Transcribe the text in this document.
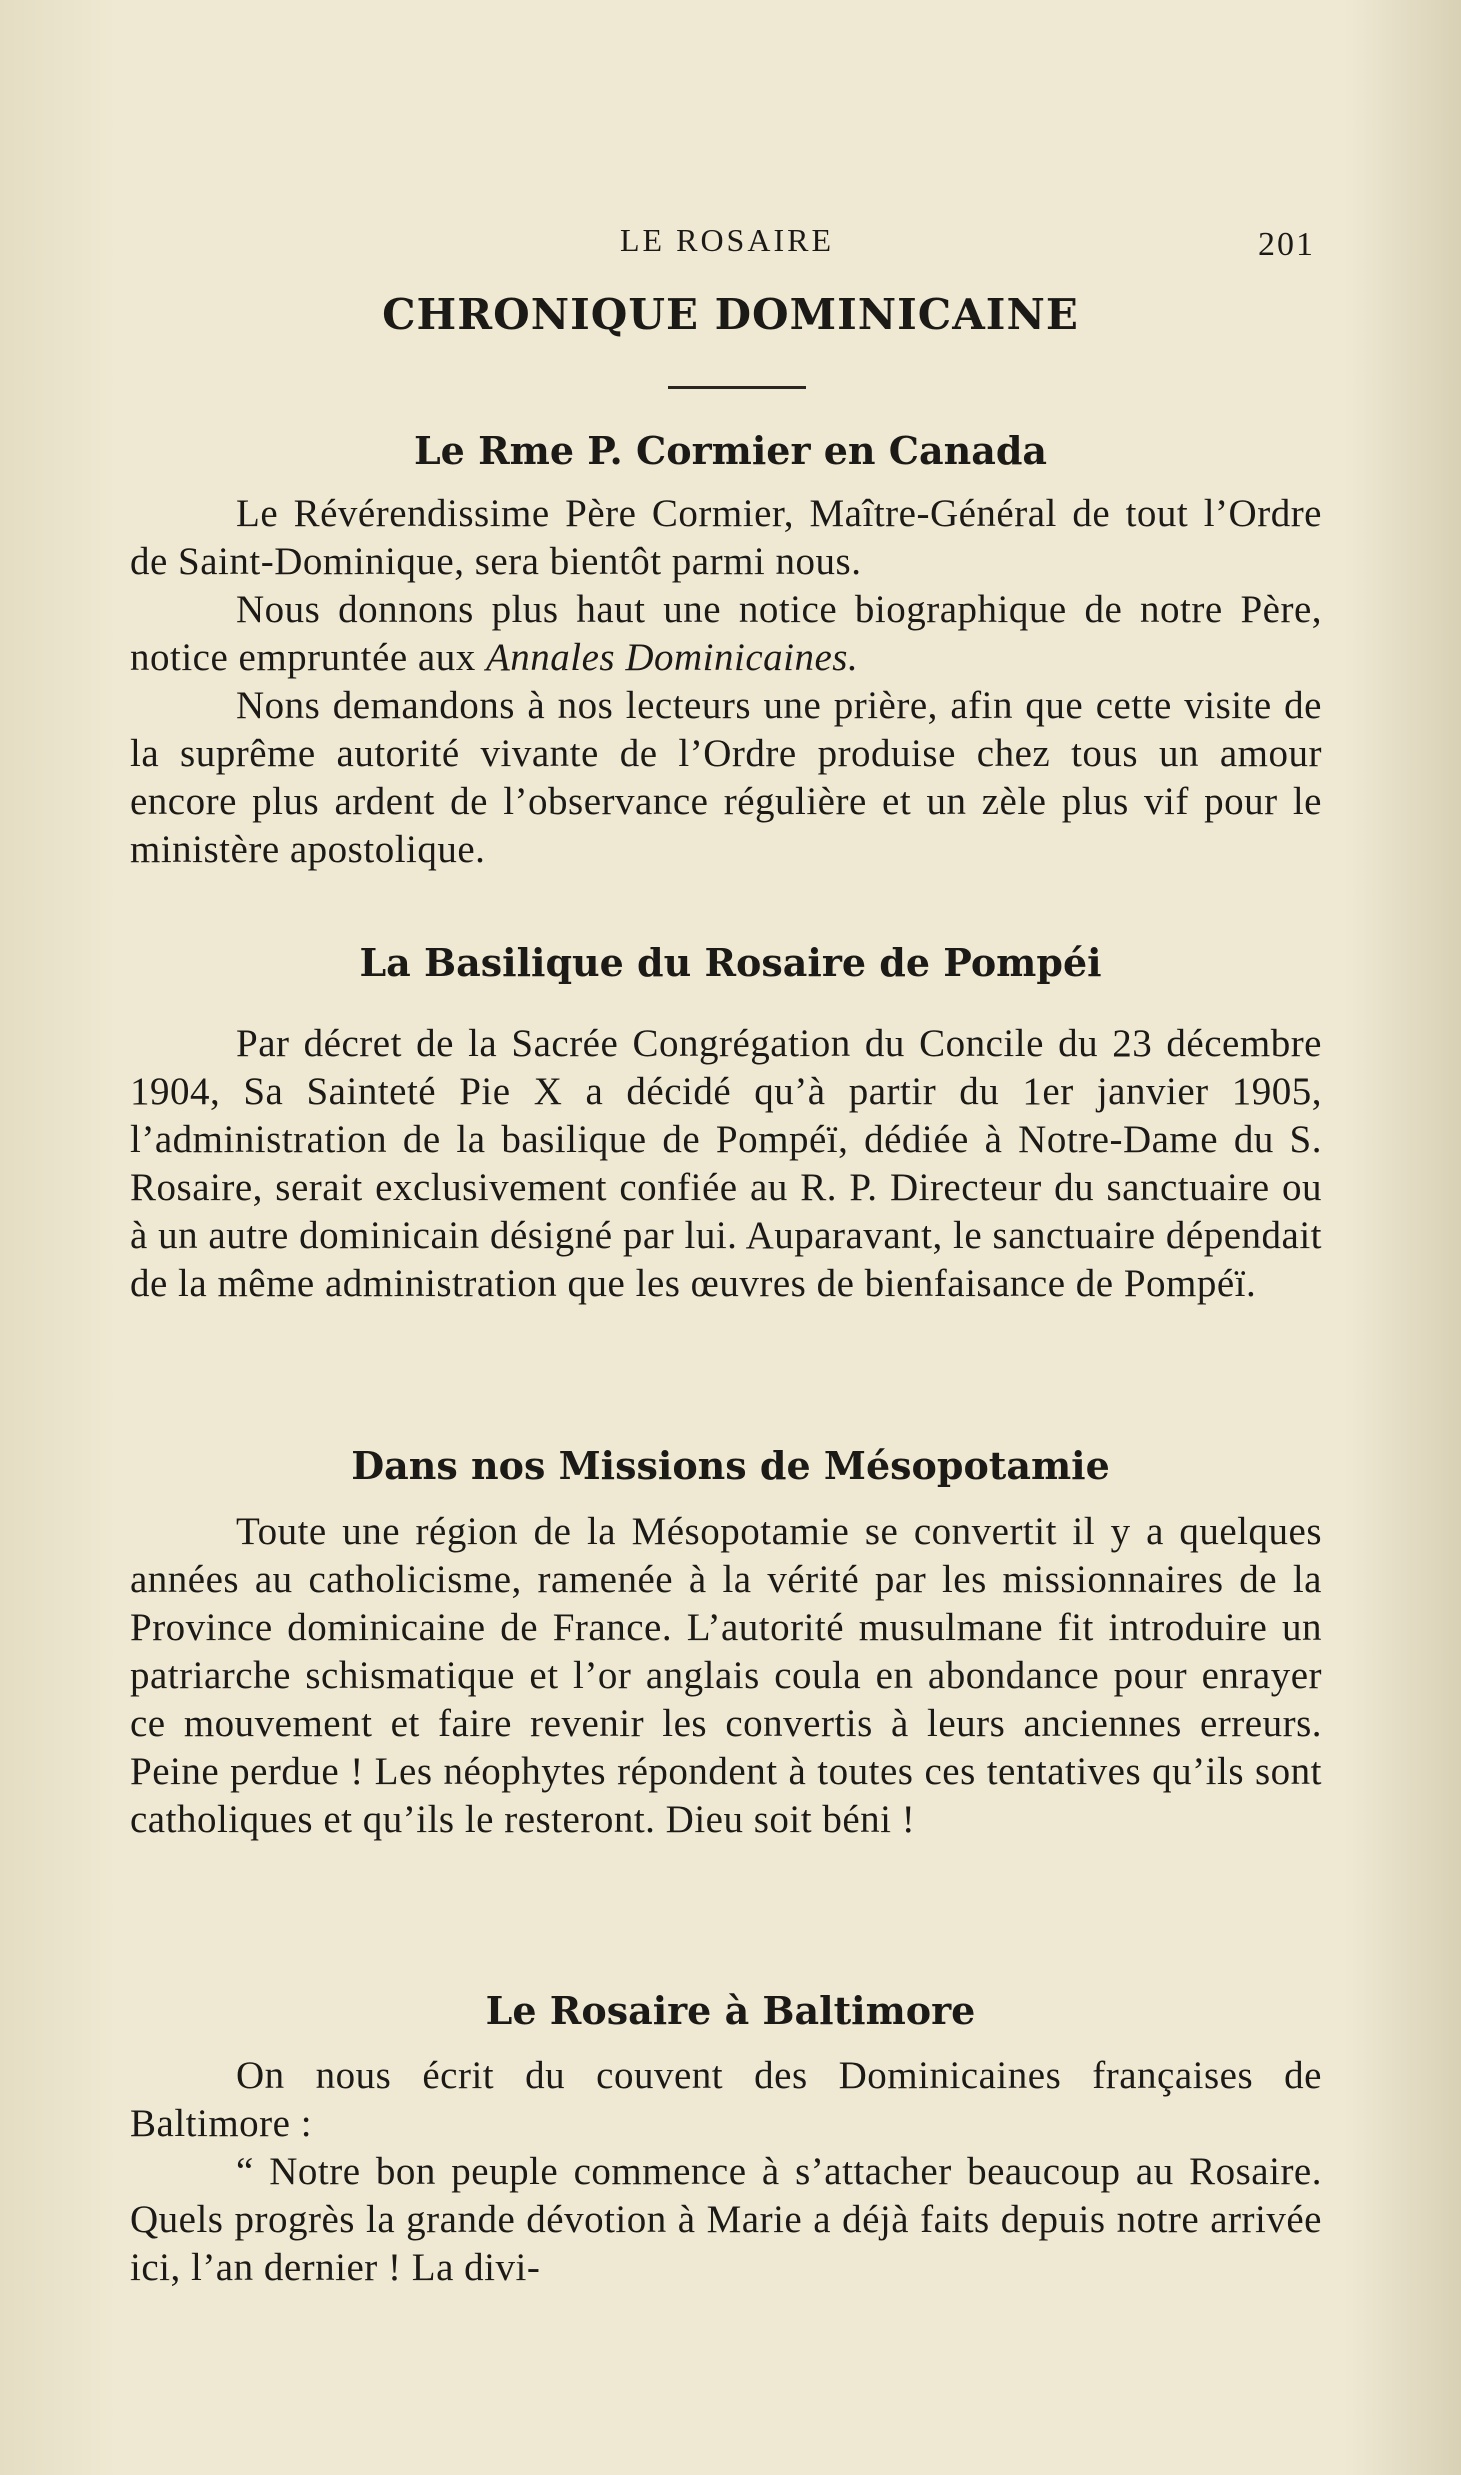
LE ROSAIRE	201
CHRONIQUE DOMINICAINE
Le Rme P. Cormier en Canada

Le Révérendissime Père Cormier, Maître-Général de tout l’Ordre de Saint-Dominique, sera bientôt parmi nous.

Nous donnons plus haut une notice biographique de notre Père, notice empruntée aux Annales Dominicaines.

Nons demandons à nos lecteurs une prière, afin que cette visite de la suprême autorité vivante de l’Ordre produise chez tous un amour encore plus ardent de l’observance régulière et un zèle plus vif pour le ministère apostolique.

La Basilique du Rosaire de Pompéi

Par décret de la Sacrée Congrégation du Concile du 23 décembre 1904, Sa Sainteté Pie X a décidé qu’à partir du 1er janvier 1905, l’administration de la basilique de Pompéï, dédiée à Notre-Dame du S. Rosaire, serait exclusivement confiée au R. P. Directeur du sanctuaire ou à un autre dominicain désigné par lui. Auparavant, le sanctuaire dépendait de la même administration que les œuvres de bienfaisance de Pompéï.

Dans nos Missions de Mésopotamie

Toute une région de la Mésopotamie se convertit il y a quelques années au catholicisme, ramenée à la vérité par les missionnaires de la Province dominicaine de France. L’autorité musulmane fit introduire un patriarche schismatique et l’or anglais coula en abondance pour enrayer ce mouvement et faire revenir les convertis à leurs anciennes erreurs. Peine perdue ! Les néophytes répondent à toutes ces tentatives qu’ils sont catholiques et qu’ils le resteront. Dieu soit béni !

Le Rosaire à Baltimore

On nous écrit du couvent des Dominicaines françaises de Baltimore :

“ Notre bon peuple commence à s’attacher beaucoup au Rosaire. Quels progrès la grande dévotion à Marie a déjà faits depuis notre arrivée ici, l’an dernier ! La divi-
